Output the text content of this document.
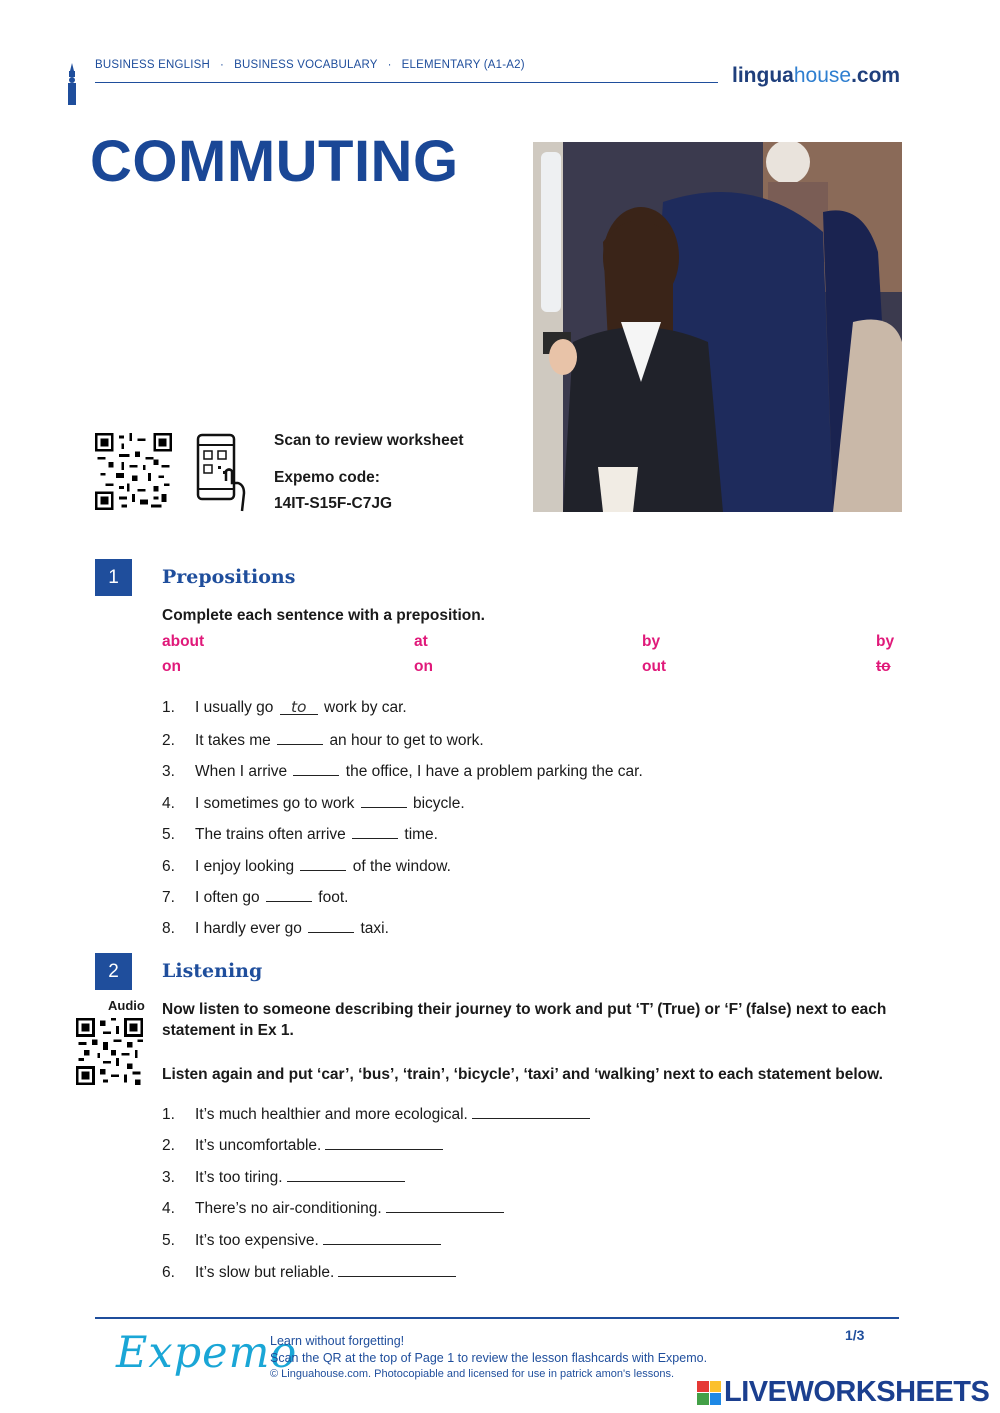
BUSINESS ENGLISH · BUSINESS VOCABULARY · ELEMENTARY (A1-A2)	linguahouse.com
COMMUTING
Scan to review worksheet
Expemo code:
14IT-S15F-C7JG
1	Prepositions
Complete each sentence with a preposition.
about	at	by	by
on	on	out	to
1. I usually go to work by car.
2. It takes me	an hour to get to work.
3. When I arrive	the office, I have a problem parking the car.
4. I sometimes go to work	bicycle.
5. The trains often arrive	time.
6. I enjoy looking	of the window.
7. I often go	foot.
8. I hardly ever go	taxi.
2	Listening
Audio Now listen to someone describing their journey to work and put ‘T’ (True) or ‘F’ (false) next to each statement in Ex 1.
Listen again and put ‘car’, ‘bus’, ‘train’, ‘bicycle’, ‘taxi’ and ‘walking’ next to each statement below.
1. It’s much healthier and more ecological.
2. It’s uncomfortable.
3. It’s too tiring.
4. There’s no air-conditioning.
5. It’s too expensive.
6. It’s slow but reliable.
Expemo
Learn without forgetting!
Scan the QR at the top of Page 1 to review the lesson flashcards with Expemo.
© Linguahouse.com. Photocopiable and licensed for use in patrick amon's lessons.
1/3
LIVEWORKSHEETS
